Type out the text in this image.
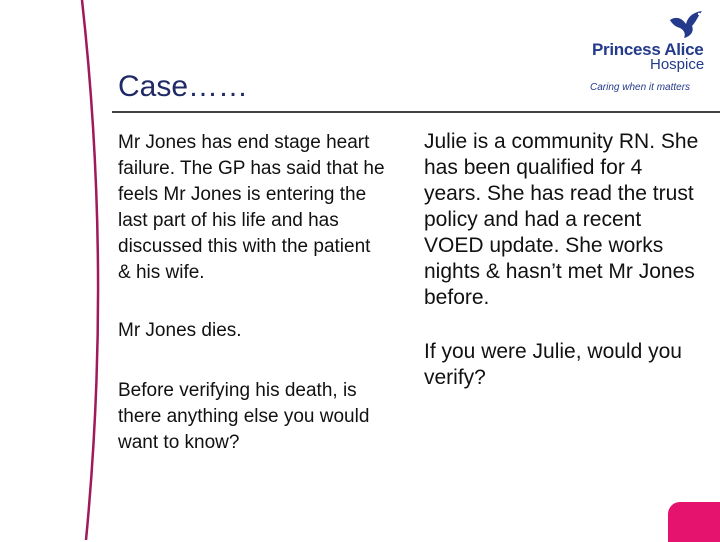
Princess Alice
Hospice
Caring when it matters
Case……

Mr Jones has end stage heart failure. The GP has said that he feels Mr Jones is entering the last part of his life and has discussed this with the patient & his wife.

Mr Jones dies.

Before verifying his death, is there anything else you would want to know?

Julie is a community RN. She has been qualified for 4 years. She has read the trust policy and had a recent VOED update. She works nights & hasn’t met Mr Jones before.

If you were Julie, would you verify?
